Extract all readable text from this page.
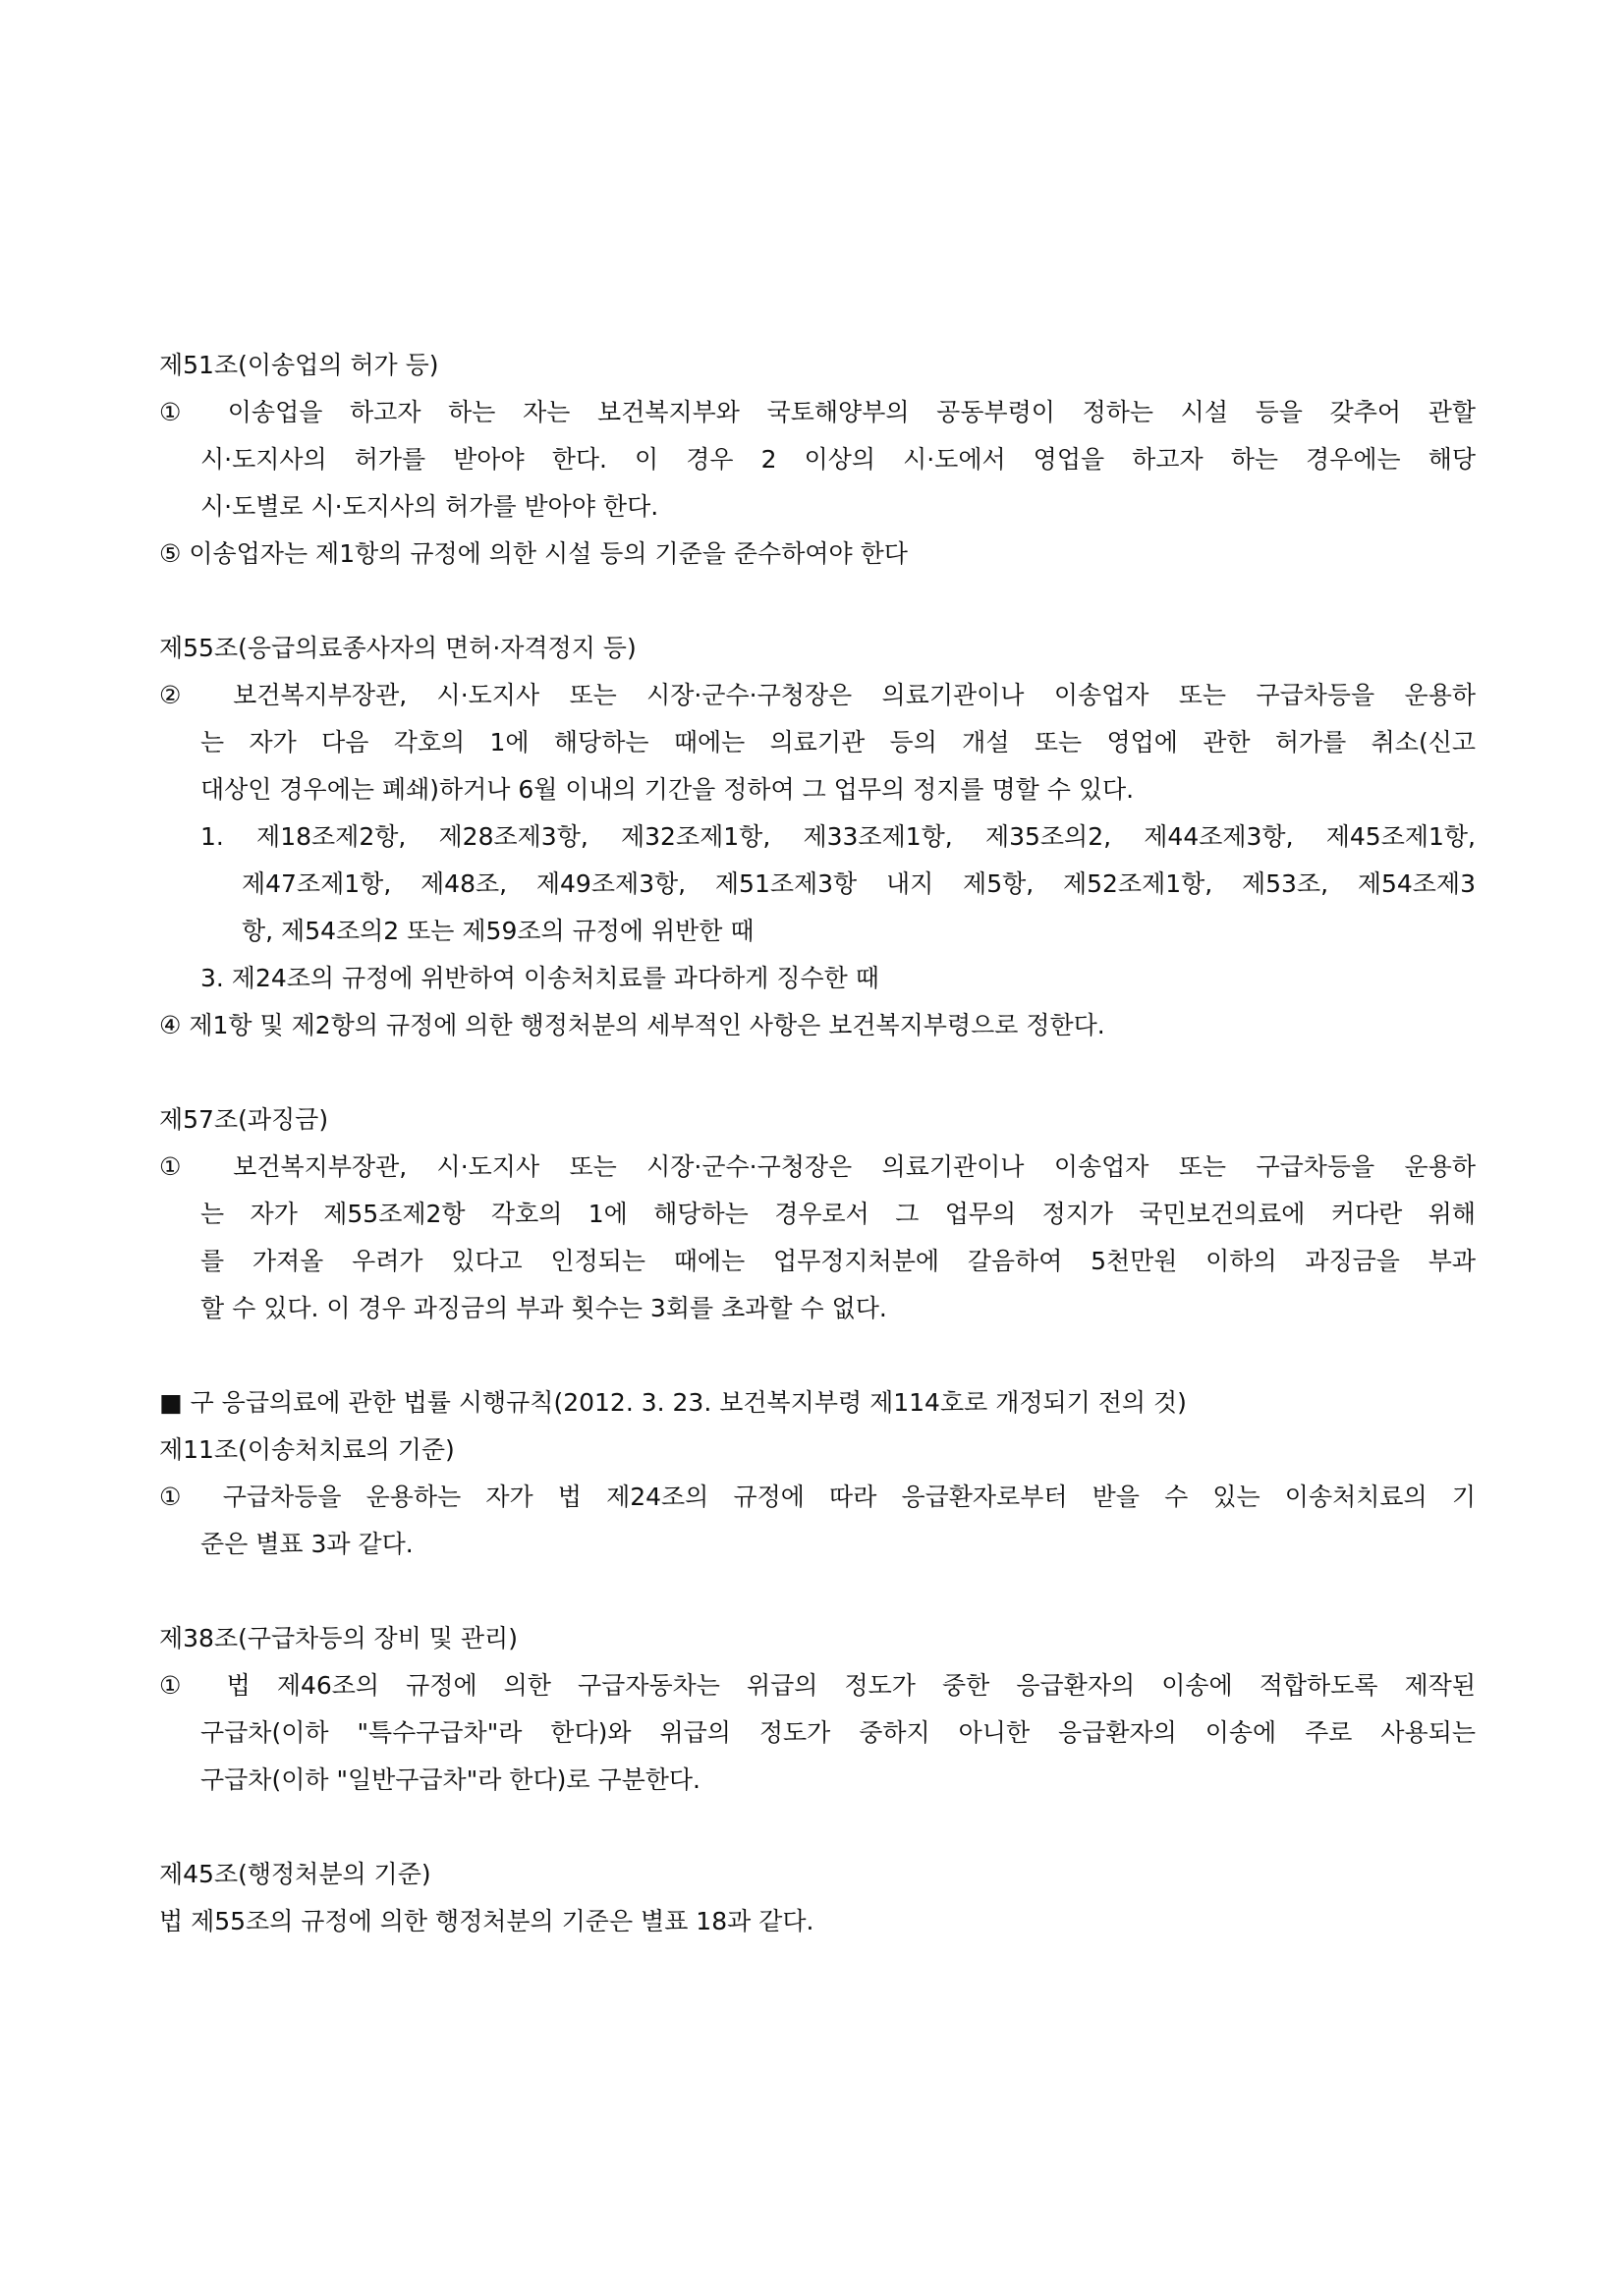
제51조(이송업의 허가 등)
① 이송업을 하고자 하는 자는 보건복지부와 국토해양부의 공동부령이 정하는 시설 등을 갖추어 관할
시·도지사의 허가를 받아야 한다. 이 경우 2 이상의 시·도에서 영업을 하고자 하는 경우에는 해당
시·도별로 시·도지사의 허가를 받아야 한다.
⑤ 이송업자는 제1항의 규정에 의한 시설 등의 기준을 준수하여야 한다
제55조(응급의료종사자의 면허·자격정지 등)
② 보건복지부장관, 시·도지사 또는 시장·군수·구청장은 의료기관이나 이송업자 또는 구급차등을 운용하
는 자가 다음 각호의 1에 해당하는 때에는 의료기관 등의 개설 또는 영업에 관한 허가를 취소(신고
대상인 경우에는 폐쇄)하거나 6월 이내의 기간을 정하여 그 업무의 정지를 명할 수 있다.
1. 제18조제2항, 제28조제3항, 제32조제1항, 제33조제1항, 제35조의2, 제44조제3항, 제45조제1항,
제47조제1항, 제48조, 제49조제3항, 제51조제3항 내지 제5항, 제52조제1항, 제53조, 제54조제3
항, 제54조의2 또는 제59조의 규정에 위반한 때
3. 제24조의 규정에 위반하여 이송처치료를 과다하게 징수한 때
④ 제1항 및 제2항의 규정에 의한 행정처분의 세부적인 사항은 보건복지부령으로 정한다.
제57조(과징금)
① 보건복지부장관, 시·도지사 또는 시장·군수·구청장은 의료기관이나 이송업자 또는 구급차등을 운용하
는 자가 제55조제2항 각호의 1에 해당하는 경우로서 그 업무의 정지가 국민보건의료에 커다란 위해
를 가져올 우려가 있다고 인정되는 때에는 업무정지처분에 갈음하여 5천만원 이하의 과징금을 부과
할 수 있다. 이 경우 과징금의 부과 횟수는 3회를 초과할 수 없다.
■ 구 응급의료에 관한 법률 시행규칙(2012. 3. 23. 보건복지부령 제114호로 개정되기 전의 것)
제11조(이송처치료의 기준)
① 구급차등을 운용하는 자가 법 제24조의 규정에 따라 응급환자로부터 받을 수 있는 이송처치료의 기
준은 별표 3과 같다.
제38조(구급차등의 장비 및 관리)
① 법 제46조의 규정에 의한 구급자동차는 위급의 정도가 중한 응급환자의 이송에 적합하도록 제작된
구급차(이하 "특수구급차"라 한다)와 위급의 정도가 중하지 아니한 응급환자의 이송에 주로 사용되는
구급차(이하 "일반구급차"라 한다)로 구분한다.
제45조(행정처분의 기준)
법 제55조의 규정에 의한 행정처분의 기준은 별표 18과 같다.
